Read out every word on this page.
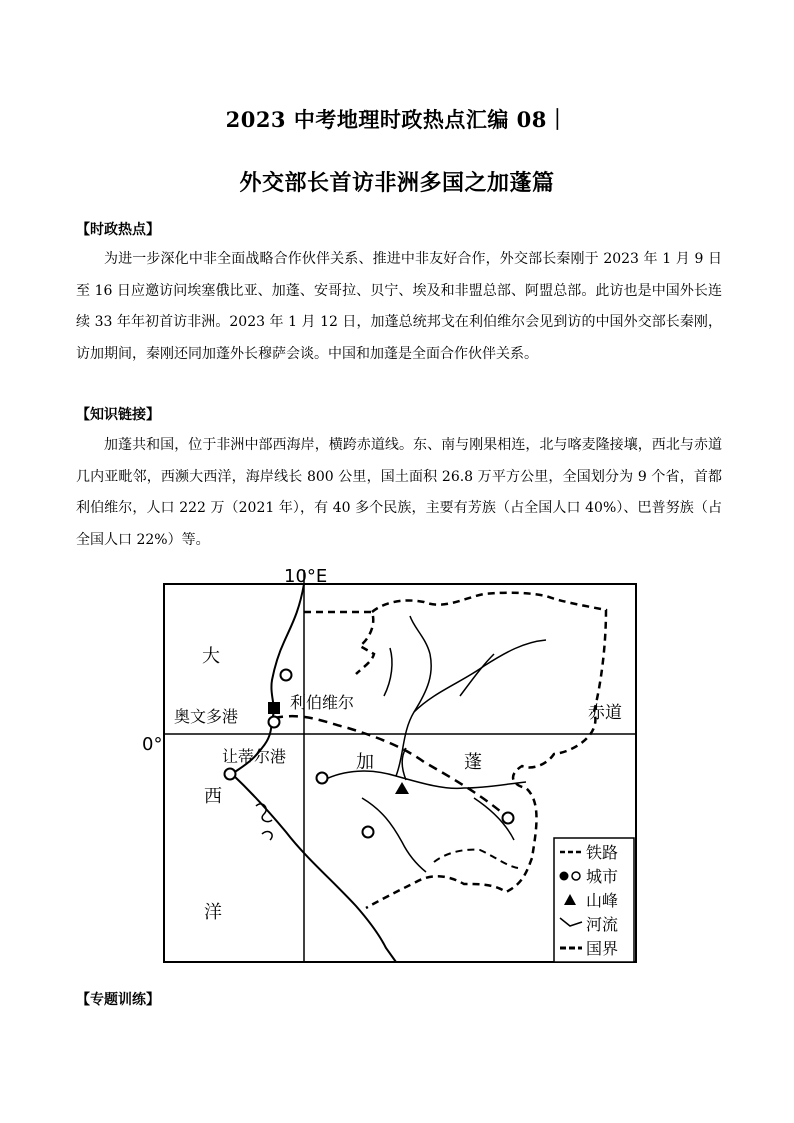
2023 中考地理时政热点汇编 08｜
外交部长首访非洲多国之加蓬篇
【时政热点】

为进一步深化中非全面战略合作伙伴关系、推进中非友好合作，外交部长秦刚于 2023 年 1 月 9 日至 16 日应邀访问埃塞俄比亚、加蓬、安哥拉、贝宁、埃及和非盟总部、阿盟总部。此访也是中国外长连续 33 年年初首访非洲。2023 年 1 月 12 日，加蓬总统邦戈在利伯维尔会见到访的中国外交部长秦刚，访加期间，秦刚还同加蓬外长穆萨会谈。中国和加蓬是全面合作伙伴关系。

【知识链接】

加蓬共和国，位于非洲中部西海岸，横跨赤道线。东、南与刚果相连，北与喀麦隆接壤，西北与赤道几内亚毗邻，西濒大西洋，海岸线长 800 公里，国土面积 26.8 万平方公里，全国划分为 9 个省，首都利伯维尔，人口 222 万（2021 年），有 40 多个民族，主要有芳族（占全国人口 40%）、巴普努族（占全国人口 22%）等。

10°E
0°
赤道
大
西
洋
加	蓬
利伯维尔
奥文多港
让蒂尔港
铁路
城市
山峰
河流
国界
【专题训练】
